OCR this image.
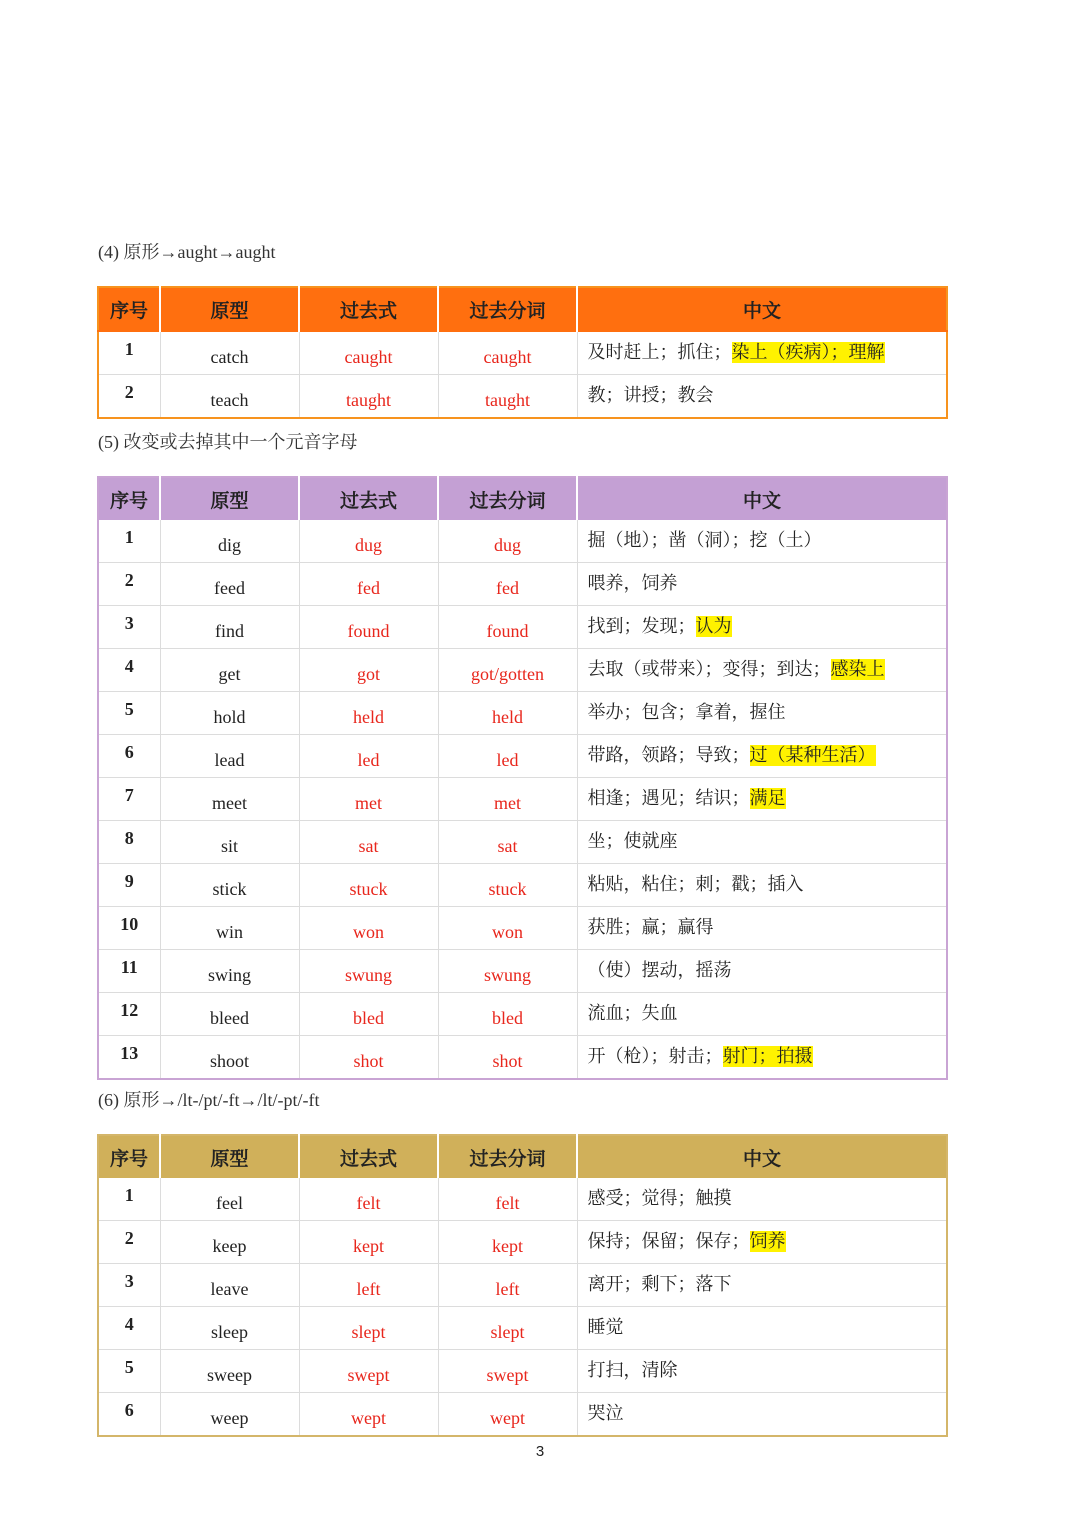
(4) 原形→aught→aught
序号	原型	过去式	过去分词	中文
1	catch	caught	caught	及时赶上；抓住；染上（疾病）；理解
2	teach	taught	taught	教；讲授；教会
(5) 改变或去掉其中一个元音字母
序号	原型	过去式	过去分词	中文
1	dig	dug	dug	掘（地）；凿（洞）；挖（土）
2	feed	fed	fed	喂养，饲养
3	find	found	found	找到；发现；认为
4	get	got	got/gotten	去取（或带来）；变得；到达；感染上
5	hold	held	held	举办；包含；拿着，握住
6	lead	led	led	带路，领路；导致；过（某种生活）
7	meet	met	met	相逢；遇见；结识；满足
8	sit	sat	sat	坐；使就座
9	stick	stuck	stuck	粘贴，粘住；刺；戳；插入
10	win	won	won	获胜；赢；赢得
11	swing	swung	swung	（使）摆动，摇荡
12	bleed	bled	bled	流血；失血
13	shoot	shot	shot	开（枪）；射击；射门；拍摄
(6) 原形→/lt-/pt/-ft→/lt/-pt/-ft
序号	原型	过去式	过去分词	中文
1	feel	felt	felt	感受；觉得；触摸
2	keep	kept	kept	保持；保留；保存；饲养
3	leave	left	left	离开；剩下；落下
4	sleep	slept	slept	睡觉
5	sweep	swept	swept	打扫，清除
6	weep	wept	wept	哭泣
3
